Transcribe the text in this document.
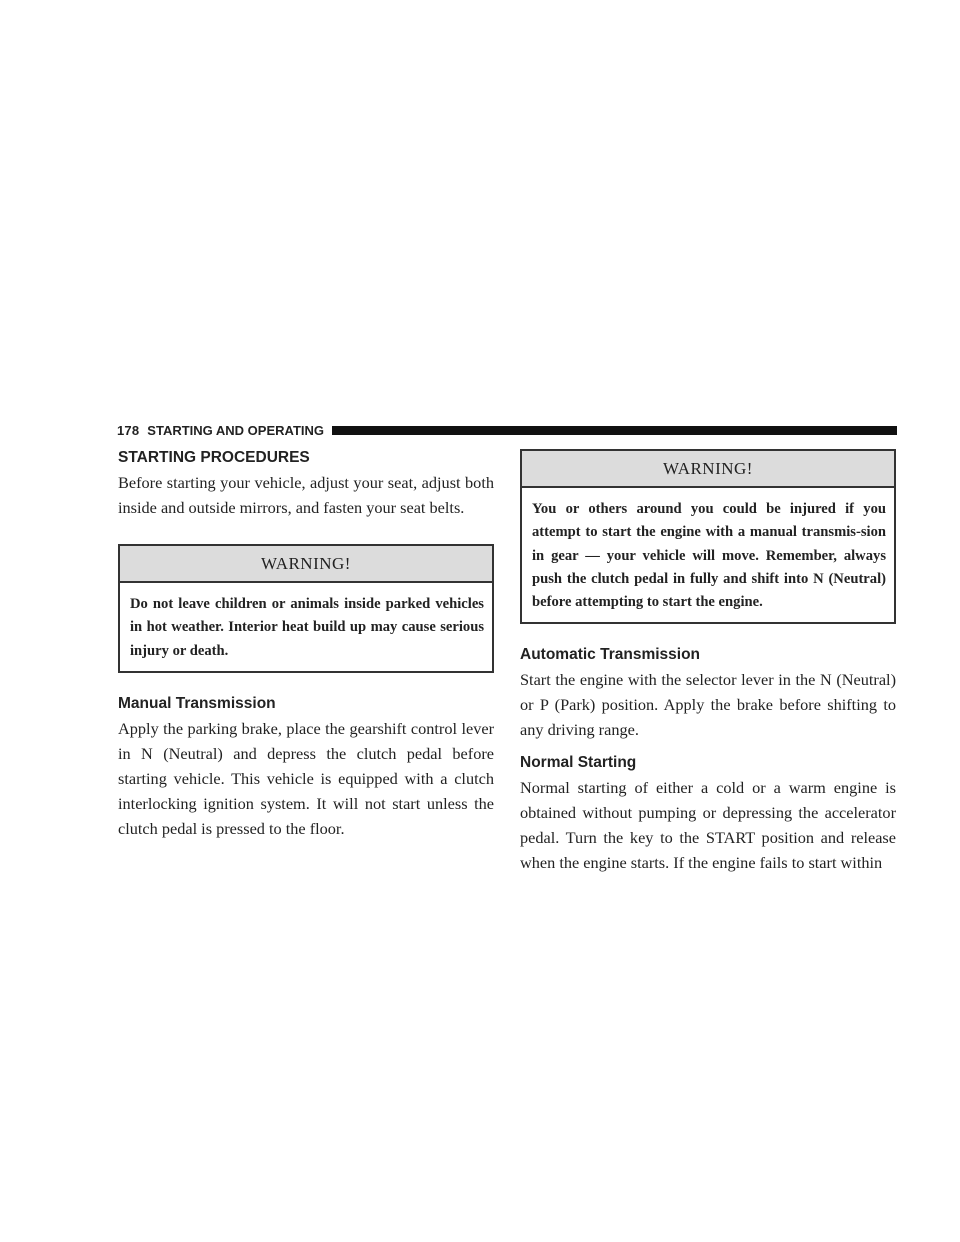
178 STARTING AND OPERATING
STARTING PROCEDURES

Before starting your vehicle, adjust your seat, adjust both inside and outside mirrors, and fasten your seat belts.

WARNING!
Do not leave children or animals inside parked vehicles in hot weather. Interior heat build up may cause serious injury or death.
Manual Transmission

Apply the parking brake, place the gearshift control lever in N (Neutral) and depress the clutch pedal before starting vehicle. This vehicle is equipped with a clutch interlocking ignition system. It will not start unless the clutch pedal is pressed to the floor.

WARNING!
You or others around you could be injured if you attempt to start the engine with a manual transmis-sion in gear — your vehicle will move. Remember, always push the clutch pedal in fully and shift into N (Neutral) before attempting to start the engine.
Automatic Transmission

Start the engine with the selector lever in the N (Neutral) or P (Park) position. Apply the brake before shifting to any driving range.

Normal Starting

Normal starting of either a cold or a warm engine is obtained without pumping or depressing the accelerator pedal. Turn the key to the START position and release when the engine starts. If the engine fails to start within
